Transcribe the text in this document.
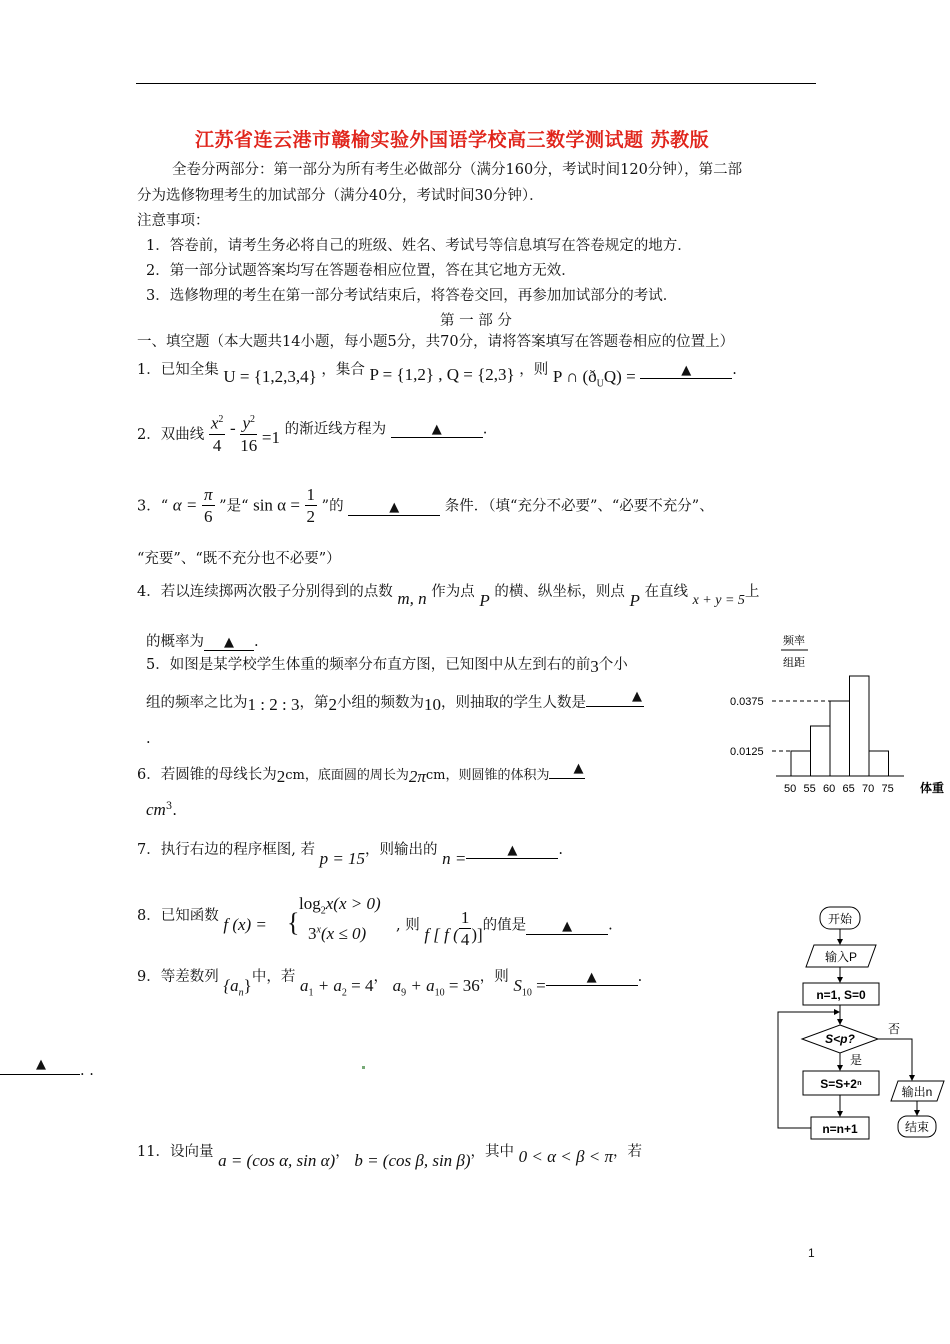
江苏省连云港市赣榆实验外国语学校高三数学测试题 苏教版
全卷分两部分：第一部分为所有考生必做部分（满分160分，考试时间120分钟），第二部
分为选修物理考生的加试部分（满分40分，考试时间30分钟）．
注意事项：
1．答卷前，请考生务必将自己的班级、姓名、考试号等信息填写在答卷规定的地方．
2．第一部分试题答案均写在答题卷相应位置，答在其它地方无效．
3．选修物理的考生在第一部分考试结束后，将答卷交回，再参加加试部分的考试．
第 一 部 分
一、填空题（本大题共14小题，每小题5分，共70分，请将答案填写在答题卷相应的位置上）
1．已知全集 U = {1,2,3,4} ，集合 P = {1,2} , Q = {2,3} ，则 P ∩ $(ð_UQ)$ =	▲	.
2．双曲线 $\frac{x^2}{4} - \frac{y^2}{16} =1$ 的渐近线方程为	▲	.
3．“ $\alpha = \frac{\pi}{6}$ ”是“ $\sin \alpha = \frac{1}{2}$ ”的	▲	条件．（填“充分不必要”、“必要不充分”、
“充要”、“既不充分也不必要”）
4．若以连续掷两次骰子分别得到的点数 m, n 作为点 P 的横、纵坐标，则点 P 在直线 x + y = 5上
的概率为 ▲ .
5．如图是某学校学生体重的频率分布直方图，已知图中从左到右的前3个小
组的频率之比为1 : 2 : 3，第2小组的频数为10，则抽取的学生人数是	▲
.
6．若圆锥的母线长为2cm，底面圆的周长为2πcm，则圆锥的体积为 ▲
$cm^3$.
7．执行右边的程序框图, 若 p = 15，则输出的 n =	▲	.
8．已知函数 f (x) = {
$\log_2x(x > 0)$
$3^x(x \le 0)$ , 则 f [ f ( $\frac{1}{4}$ )]的值是	▲ .
9．等差数列 $\{a_n\}$中，若 $a_1 + a_2 = 4$， $a_9 + a_{10} = 36$，则 $S_{10}$ =	▲	.
▲ . .
11．设向量 a = (cos α, sin α)， b = (cos β, sin β)，其中 0 < α < β < π，若
频率
组距
0.0125
0.0375
50 55 60 65 70 75 体重
开始
输入P
n=1, S=0
S<p?
否
是
S=S+2ⁿ
n=n+1
输出n
结束
1
